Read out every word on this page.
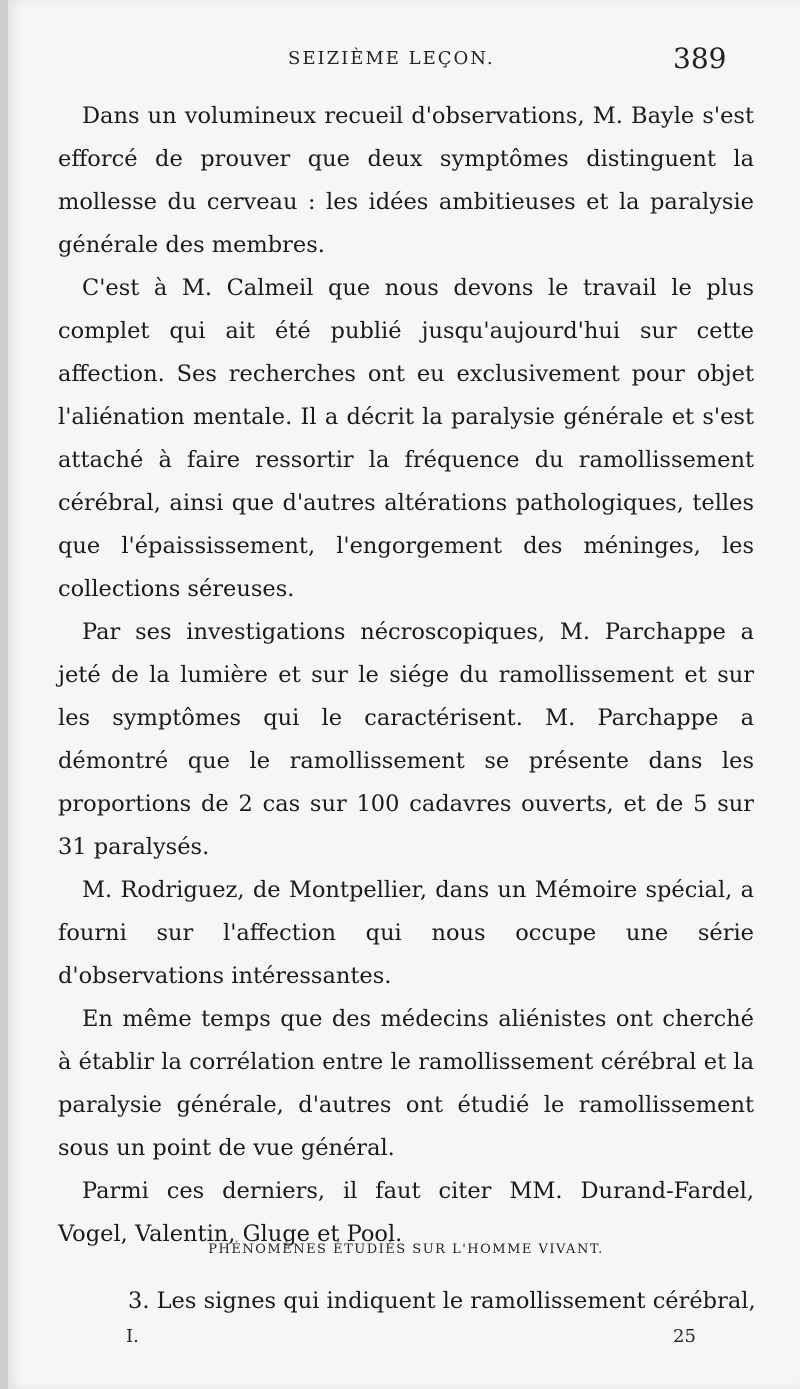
SEIZIÈME LEÇON.	389

Dans un volumineux recueil d'observations, M. Bayle s'est efforcé de prouver que deux symptômes distinguent la mollesse du cerveau : les idées ambitieuses et la paralysie générale des membres.

C'est à M. Calmeil que nous devons le travail le plus complet qui ait été publié jusqu'aujourd'hui sur cette affection. Ses recherches ont eu exclusivement pour objet l'aliénation mentale. Il a décrit la paralysie générale et s'est attaché à faire ressortir la fréquence du ramollissement cérébral, ainsi que d'autres altérations pathologiques, telles que l'épaississement, l'engorgement des méninges, les collections séreuses.

Par ses investigations nécroscopiques, M. Parchappe a jeté de la lumière et sur le siége du ramollissement et sur les symptômes qui le caractérisent. M. Parchappe a démontré que le ramollissement se présente dans les proportions de 2 cas sur 100 cadavres ouverts, et de 5 sur 31 paralysés.

M. Rodriguez, de Montpellier, dans un Mémoire spécial, a fourni sur l'affection qui nous occupe une série d'observations intéressantes.

En même temps que des médecins aliénistes ont cherché à établir la corrélation entre le ramollissement cérébral et la paralysie générale, d'autres ont étudié le ramollissement sous un point de vue général.

Parmi ces derniers, il faut citer MM. Durand-Fardel, Vogel, Valentin, Gluge et Pool.

PHÉNOMÈNES ÉTUDIÉS SUR L'HOMME VIVANT.
3. Les signes qui indiquent le ramollissement cérébral,
I.	25
